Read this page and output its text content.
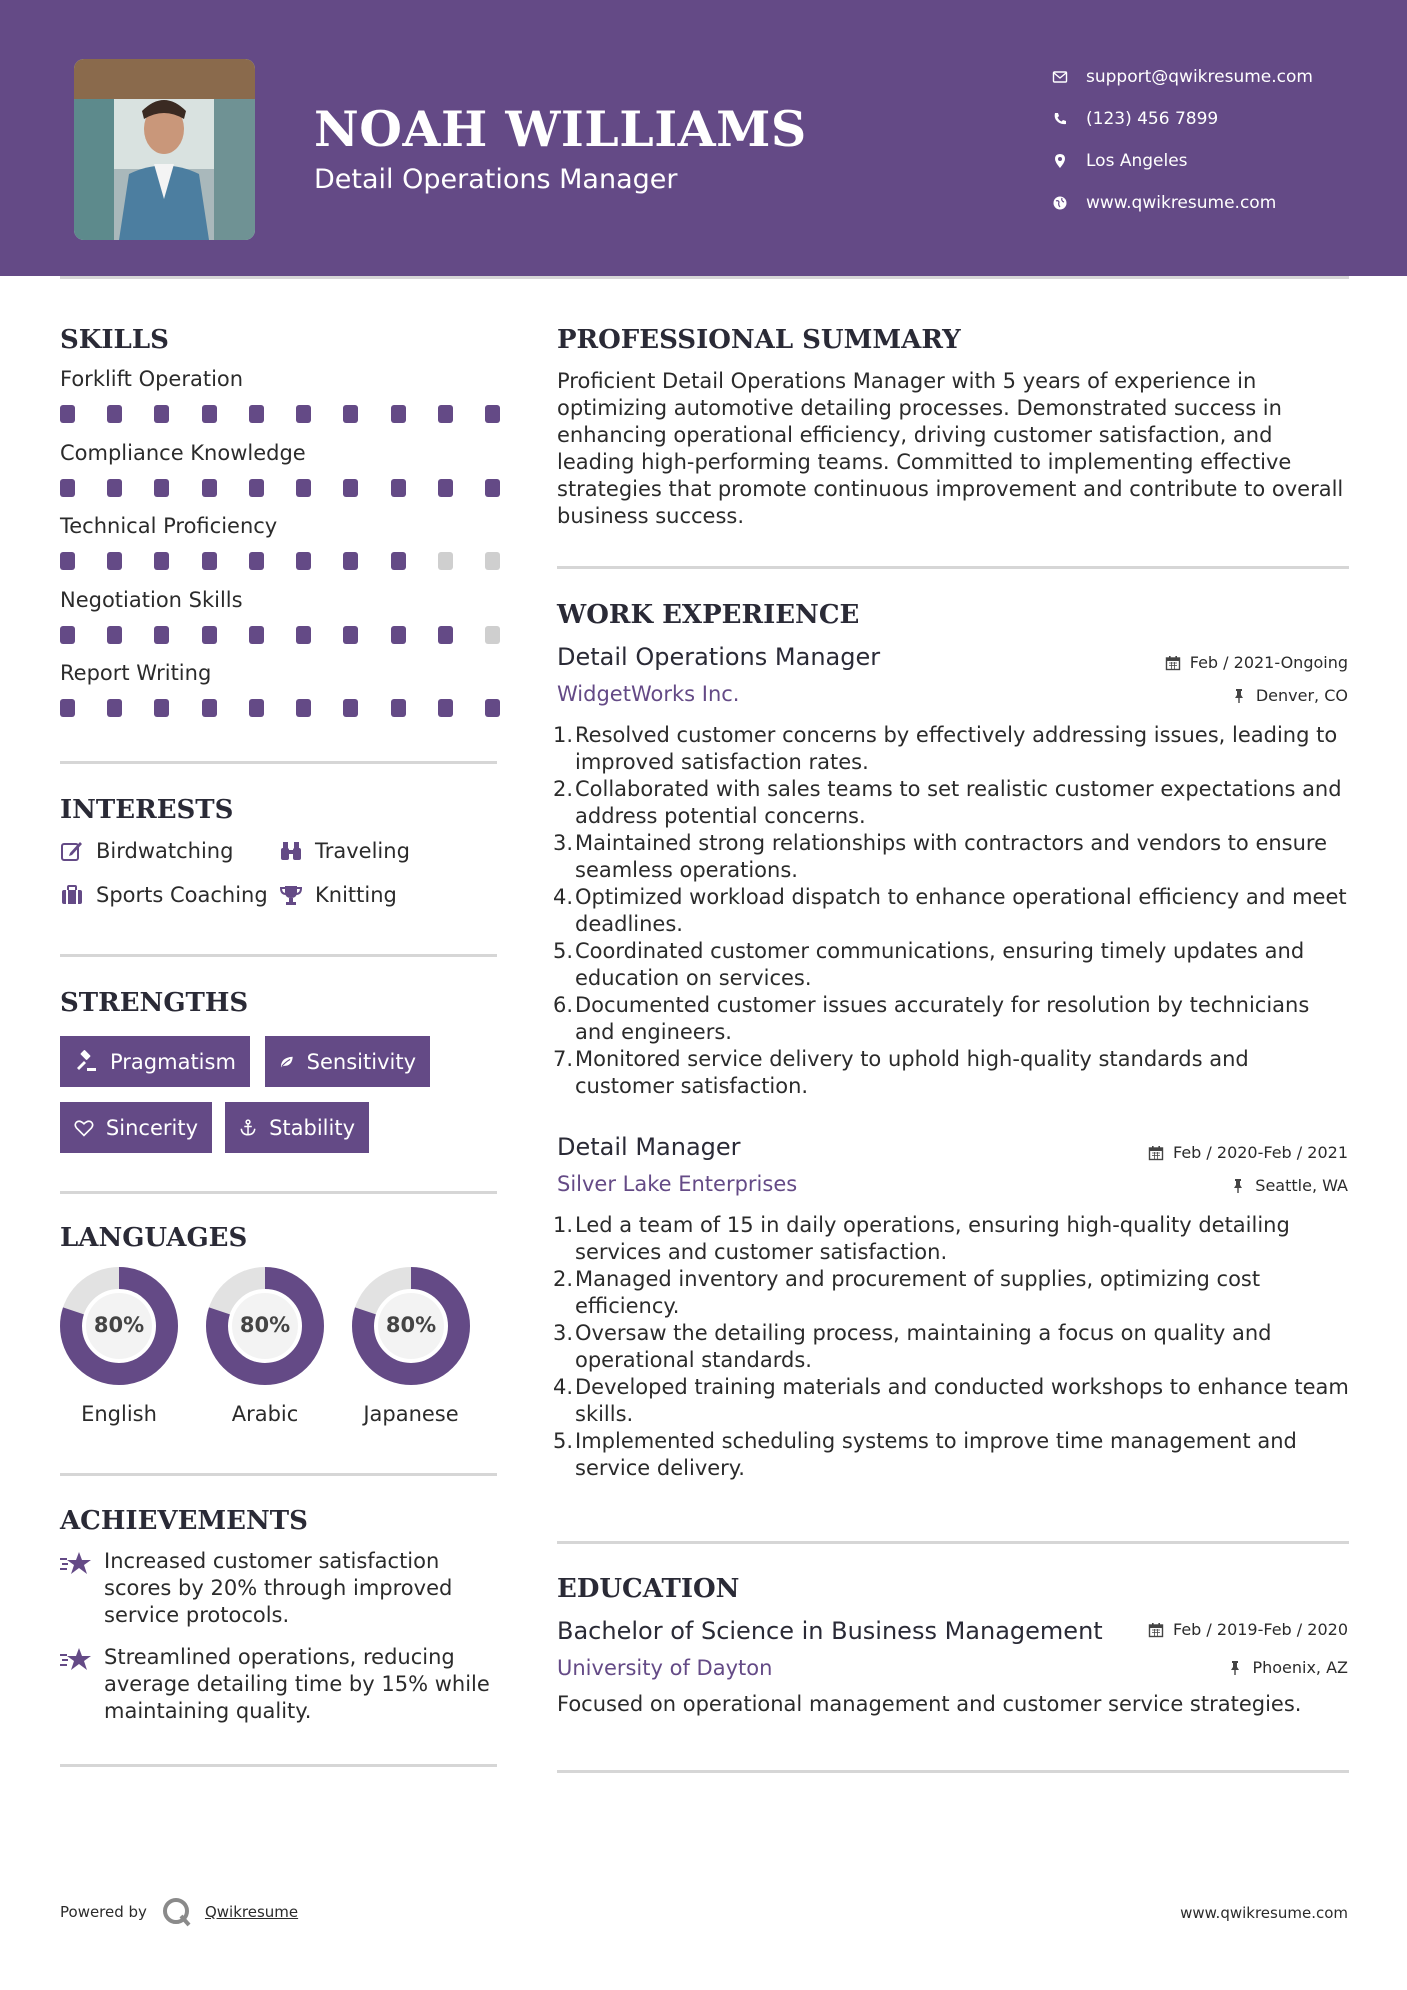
NOAH WILLIAMS
Detail Operations Manager
support@qwikresume.com
(123) 456 7899
Los Angeles
www.qwikresume.com
SKILLS
Forklift Operation
Compliance Knowledge
Technical Proficiency
Negotiation Skills
Report Writing
INTERESTS
Birdwatching	Traveling
Sports Coaching Knitting
STRENGTHS
Pragmatism	Sensitivity
Sincerity	Stability
LANGUAGES
80%
English
80%
Arabic
80%
Japanese
ACHIEVEMENTS
Increased customer satisfaction scores by 20% through improved service protocols.
Streamlined operations, reducing average detailing time by 15% while maintaining quality.
PROFESSIONAL SUMMARY
Proficient Detail Operations Manager with 5 years of experience in optimizing automotive detailing processes. Demonstrated success in enhancing operational efficiency, driving customer satisfaction, and leading high-performing teams. Committed to implementing effective strategies that promote continuous improvement and contribute to overall business success.
WORK EXPERIENCE
Detail Operations Manager	Feb / 2021-Ongoing
WidgetWorks Inc.	Denver, CO
1. Resolved customer concerns by effectively addressing issues, leading to improved satisfaction rates.
2. Collaborated with sales teams to set realistic customer expectations and address potential concerns.
3. Maintained strong relationships with contractors and vendors to ensure seamless operations.
4. Optimized workload dispatch to enhance operational efficiency and meet deadlines.
5. Coordinated customer communications, ensuring timely updates and education on services.
6. Documented customer issues accurately for resolution by technicians and engineers.
7. Monitored service delivery to uphold high-quality standards and customer satisfaction.
Detail Manager	Feb / 2020-Feb / 2021
Silver Lake Enterprises	Seattle, WA
1. Led a team of 15 in daily operations, ensuring high-quality detailing services and customer satisfaction.
2. Managed inventory and procurement of supplies, optimizing cost efficiency.
3. Oversaw the detailing process, maintaining a focus on quality and operational standards.
4. Developed training materials and conducted workshops to enhance team skills.
5. Implemented scheduling systems to improve time management and service delivery.
EDUCATION
Bachelor of Science in Business Management	Feb / 2019-Feb / 2020
University of Dayton	Phoenix, AZ
Focused on operational management and customer service strategies.
Powered by	Qwikresume	www.qwikresume.com
